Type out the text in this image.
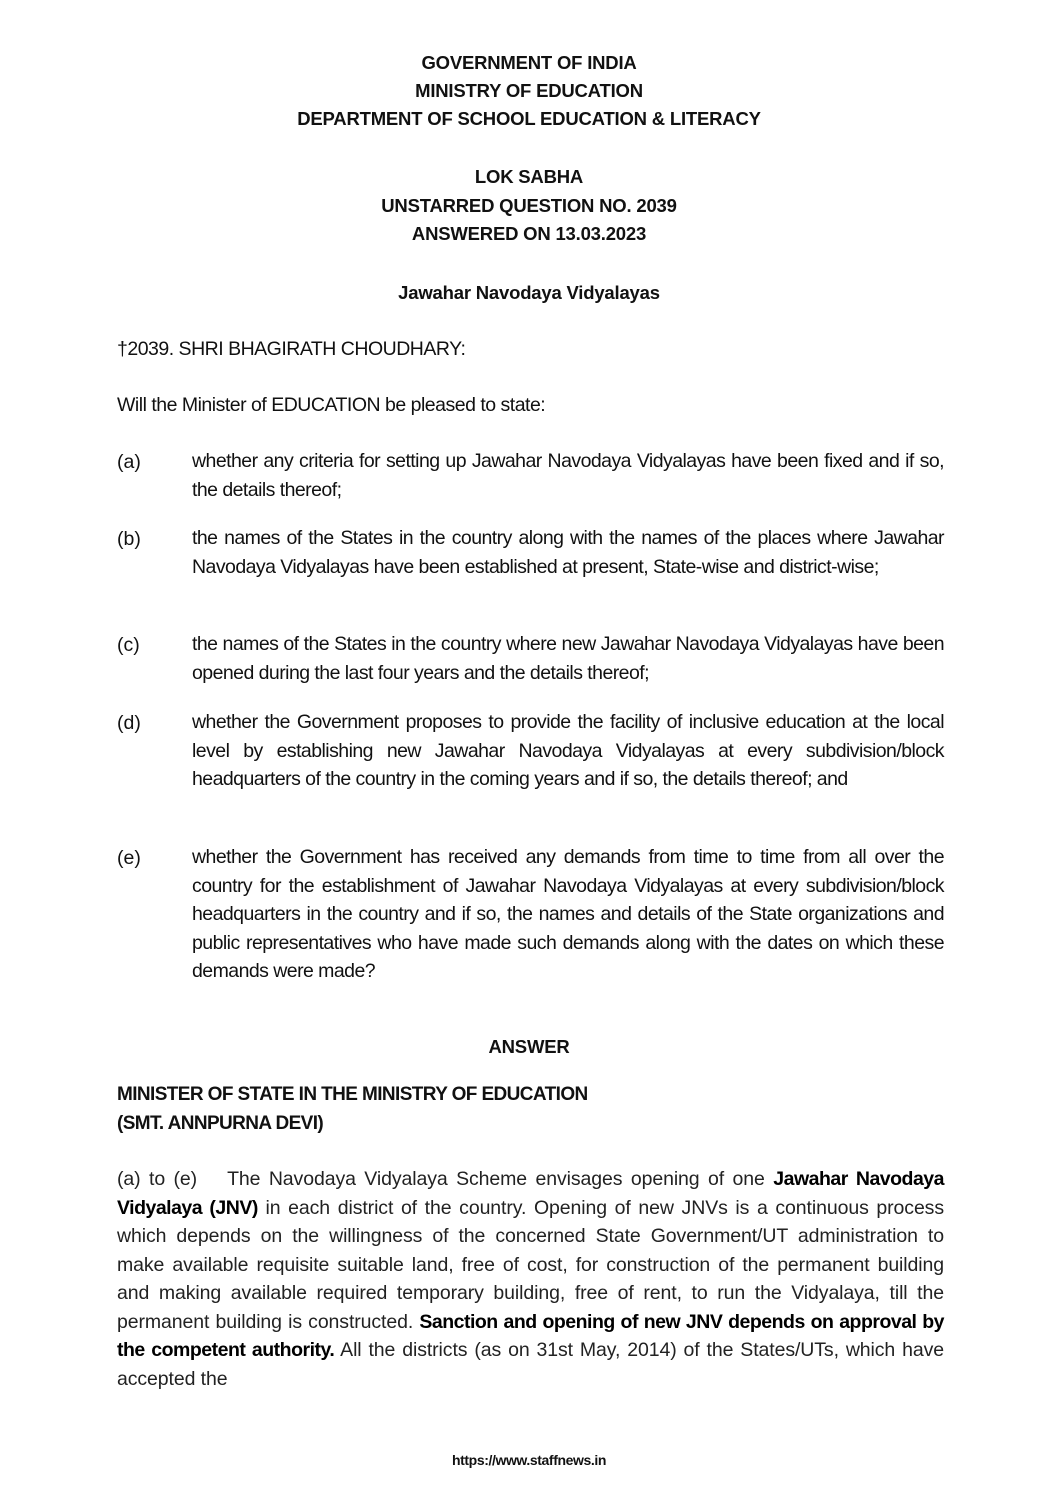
GOVERNMENT OF INDIA
MINISTRY OF EDUCATION
DEPARTMENT OF SCHOOL EDUCATION & LITERACY
LOK SABHA
UNSTARRED QUESTION NO. 2039
ANSWERED ON 13.03.2023
Jawahar Navodaya Vidyalayas
†2039. SHRI BHAGIRATH CHOUDHARY:
Will the Minister of EDUCATION be pleased to state:
(a)	whether any criteria for setting up Jawahar Navodaya Vidyalayas have been fixed and if so, the details thereof;
(b)	the names of the States in the country along with the names of the places where Jawahar Navodaya Vidyalayas have been established at present, State-wise and district-wise;
(c)	the names of the States in the country where new Jawahar Navodaya Vidyalayas have been opened during the last four years and the details thereof;
(d)	whether the Government proposes to provide the facility of inclusive education at the local level by establishing new Jawahar Navodaya Vidyalayas at every subdivision/block headquarters of the country in the coming years and if so, the details thereof; and
(e)	whether the Government has received any demands from time to time from all over the country for the establishment of Jawahar Navodaya Vidyalayas at every subdivision/block headquarters in the country and if so, the names and details of the State organizations and public representatives who have made such demands along with the dates on which these demands were made?
ANSWER
MINISTER OF STATE IN THE MINISTRY OF EDUCATION
(SMT. ANNPURNA DEVI)
(a) to (e) The Navodaya Vidyalaya Scheme envisages opening of one Jawahar Navodaya Vidyalaya (JNV) in each district of the country. Opening of new JNVs is a continuous process which depends on the willingness of the concerned State Government/UT administration to make available requisite suitable land, free of cost, for construction of the permanent building and making available required temporary building, free of rent, to run the Vidyalaya, till the permanent building is constructed. Sanction and opening of new JNV depends on approval by the competent authority. All the districts (as on 31st May, 2014) of the States/UTs, which have accepted the
https://www.staffnews.in
